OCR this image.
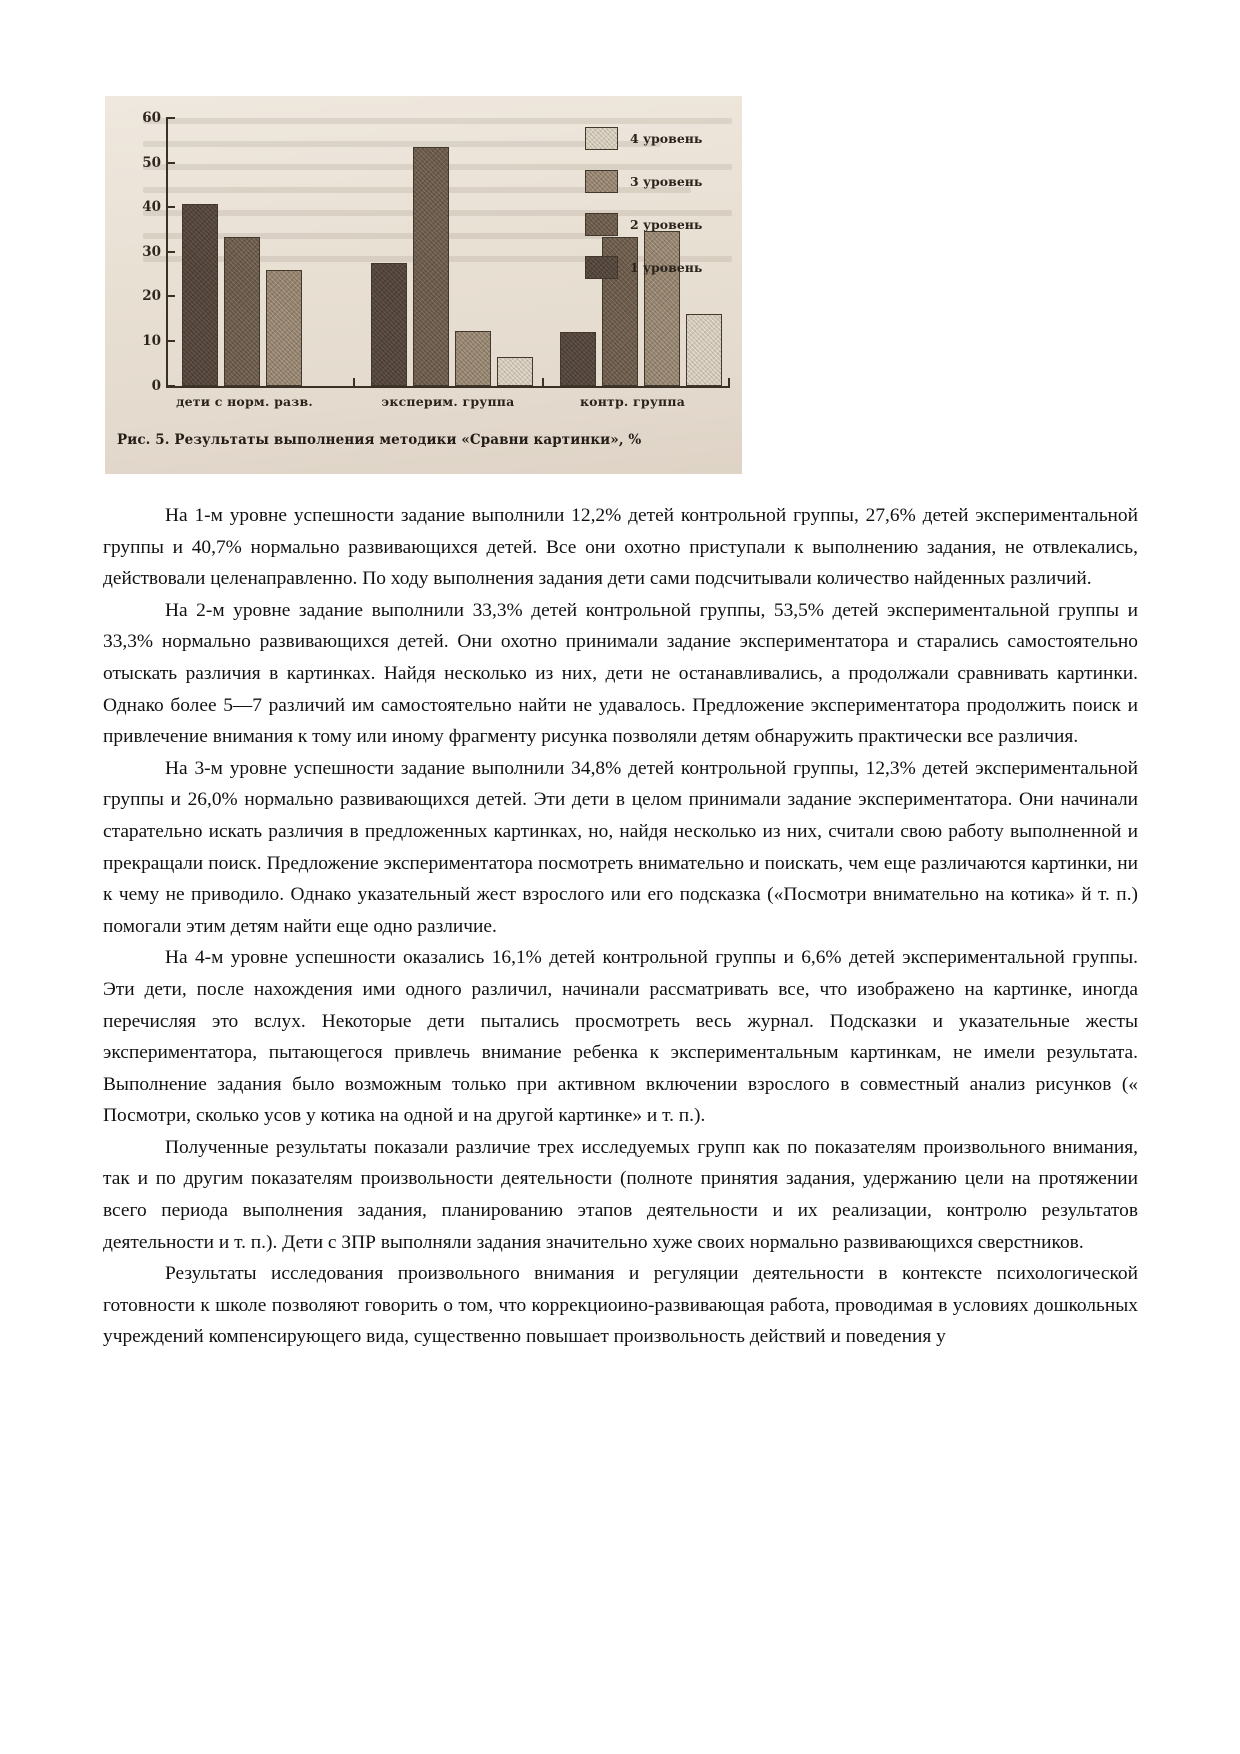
0
10
20
30
40
50
60
дети с норм. разв.	эксперим. группа	контр. группа
4 уровень
3 уровень
2 уровень
1 уровень
Рис. 5. Результаты выполнения методики «Сравни картинки», %

На 1-м уровне успешности задание выполнили 12,2% детей контрольной группы, 27,6% детей экспериментальной группы и 40,7% нормально развивающихся детей. Все они охотно приступали к выполнению задания, не отвлекались, действовали целенаправленно. По ходу выполнения задания дети сами подсчитывали количество найденных различий.

На 2-м уровне задание выполнили 33,3% детей контрольной группы, 53,5% детей экспериментальной группы и 33,3% нормально развивающихся детей. Они охотно принимали задание экспериментатора и старались самостоятельно отыскать различия в картинках. Найдя несколько из них, дети не останавливались, а продолжали сравнивать картинки. Однако более 5—7 различий им самостоятельно найти не удавалось. Предложение экспериментатора продолжить поиск и привлечение внимания к тому или иному фрагменту рисунка позволяли детям обнаружить практически все различия.

На 3-м уровне успешности задание выполнили 34,8% детей контрольной группы, 12,3% детей экспериментальной группы и 26,0% нормально развивающихся детей. Эти дети в целом принимали задание экспериментатора. Они начинали старательно искать различия в предложенных картинках, но, найдя несколько из них, считали свою работу выполненной и прекращали поиск. Предложение экспериментатора посмотреть внимательно и поискать, чем еще различаются картинки, ни к чему не приводило. Однако указательный жест взрослого или его подсказка («Посмотри внимательно на котика» й т. п.) помогали этим детям найти еще одно различие.

На 4-м уровне успешности оказались 16,1% детей контрольной группы и 6,6% детей экспериментальной группы. Эти дети, после нахождения ими одного различил, начинали рассматривать все, что изображено на картинке, иногда перечисляя это вслух. Некоторые дети пытались просмотреть весь журнал. Подсказки и указательные жесты экспериментатора, пытающегося привлечь внимание ребенка к экспериментальным картинкам, не имели результата. Выполнение задания было возможным только при активном включении взрослого в совместный анализ рисунков (« Посмотри, сколько усов у котика на одной и на другой картинке» и т. п.).

Полученные результаты показали различие трех исследуемых групп как по показателям произвольного внимания, так и по другим показателям произвольности деятельности (полноте принятия задания, удержанию цели на протяжении всего периода выполнения задания, планированию этапов деятельности и их реализации, контролю результатов деятельности и т. п.). Дети с ЗПР выполняли задания значительно хуже своих нормально развивающихся сверстников.

Результаты исследования произвольного внимания и регуляции деятельности в контексте психологической готовности к школе позволяют говорить о том, что коррекциоино-развивающая работа, проводимая в условиях дошкольных учреждений компенсирующего вида, существенно повышает произвольность действий и поведения у
